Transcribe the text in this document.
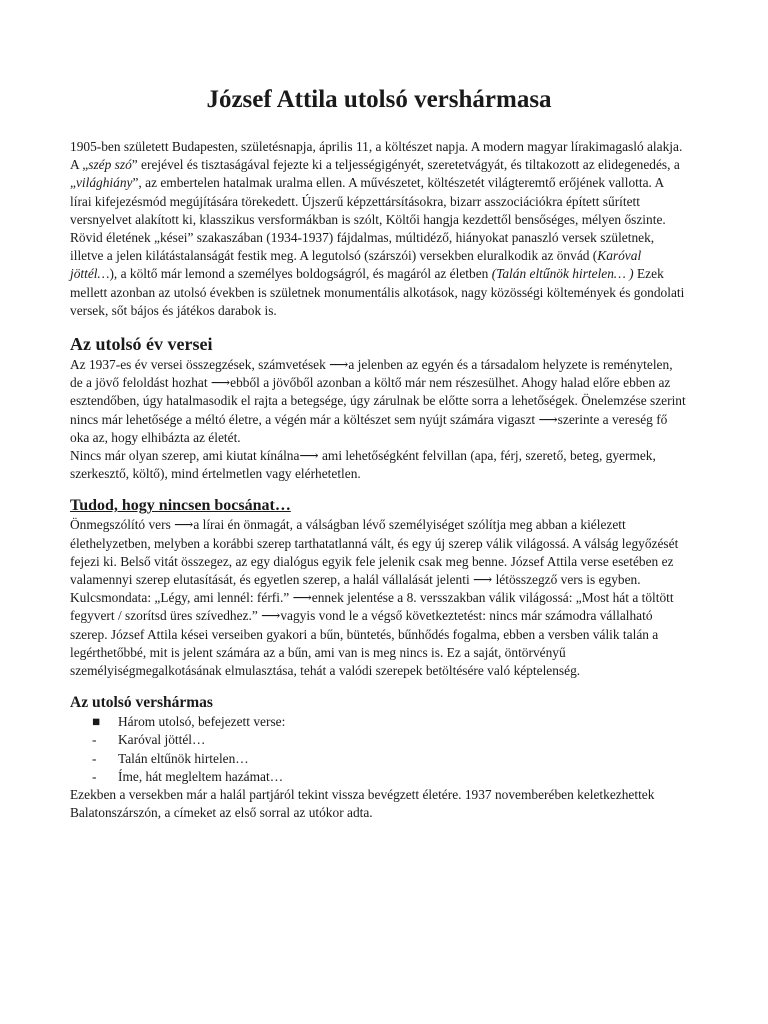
József Attila utolsó vershármasa

1905-ben született Budapesten, születésnapja, április 11, a költészet napja. A modern magyar lírakimagasló alakja. A „szép szó” erejével és tisztaságával fejezte ki a teljességigényét, szeretetvágyát, és tiltakozott az elidegenedés, a „világhiány”, az embertelen hatalmak uralma ellen. A művészetet, költészetét világteremtő erőjének vallotta. A lírai kifejezésmód megújítására törekedett. Újszerű képzettársításokra, bizarr asszociációkra épített sűrített versnyelvet alakított ki, klasszikus versformákban is szólt, Költői hangja kezdettől bensőséges, mélyen őszinte.

Rövid életének „kései” szakaszában (1934-1937) fájdalmas, múltidéző, hiányokat panaszló versek születnek, illetve a jelen kilátástalanságát festik meg. A legutolsó (szárszói) versekben eluralkodik az önvád (Karóval jöttél…), a költő már lemond a személyes boldogságról, és magáról az életben (Talán eltűnök hirtelen… ) Ezek mellett azonban az utolsó években is születnek monumentális alkotások, nagy közösségi költemények és gondolati versek, sőt bájos és játékos darabok is.

Az utolsó év versei

Az 1937-es év versei összegzések, számvetések ⟶a jelenben az egyén és a társadalom helyzete is reménytelen, de a jövő feloldást hozhat ⟶ebből a jövőből azonban a költő már nem részesülhet. Ahogy halad előre ebben az esztendőben, úgy hatalmasodik el rajta a betegsége, úgy zárulnak be előtte sorra a lehetőségek. Önelemzése szerint nincs már lehetősége a méltó életre, a végén már a költészet sem nyújt számára vigaszt ⟶szerinte a vereség fő oka az, hogy elhibázta az életét.

Nincs már olyan szerep, ami kiutat kínálna⟶ ami lehetőségként felvillan (apa, férj, szerető, beteg, gyermek, szerkesztő, költő), mind értelmetlen vagy elérhetetlen.

Tudod, hogy nincsen bocsánat…

Önmegszólító vers ⟶a lírai én önmagát, a válságban lévő személyiséget szólítja meg abban a kiélezett élethelyzetben, melyben a korábbi szerep tarthatatlanná vált, és egy új szerep válik világossá. A válság legyőzését fejezi ki. Belső vitát összegez, az egy dialógus egyik fele jelenik csak meg benne. József Attila verse esetében ez valamennyi szerep elutasítását, és egyetlen szerep, a halál vállalását jelenti ⟶ létösszegző vers is egyben.

Kulcsmondata: „Légy, ami lennél: férfi.” ⟶ennek jelentése a 8. versszakban válik világossá: „Most hát a töltött fegyvert / szorítsd üres szívedhez.” ⟶vagyis vond le a végső következtetést: nincs már számodra vállalható szerep. József Attila kései verseiben gyakori a bűn, büntetés, bűnhődés fogalma, ebben a versben válik talán a legérthetőbbé, mit is jelent számára az a bűn, ami van is meg nincs is. Ez a saját, öntörvényű személyiségmegalkotásának elmulasztása, tehát a valódi szerepek betöltésére való képtelenség.

Az utolsó vershármas
■ Három utolsó, befejezett verse:
- Karóval jöttél…
- Talán eltűnök hirtelen…
- Íme, hát megleltem hazámat…

Ezekben a versekben már a halál partjáról tekint vissza bevégzett életére. 1937 novemberében keletkezhettek Balatonszárszón, a címeket az első sorral az utókor adta.
